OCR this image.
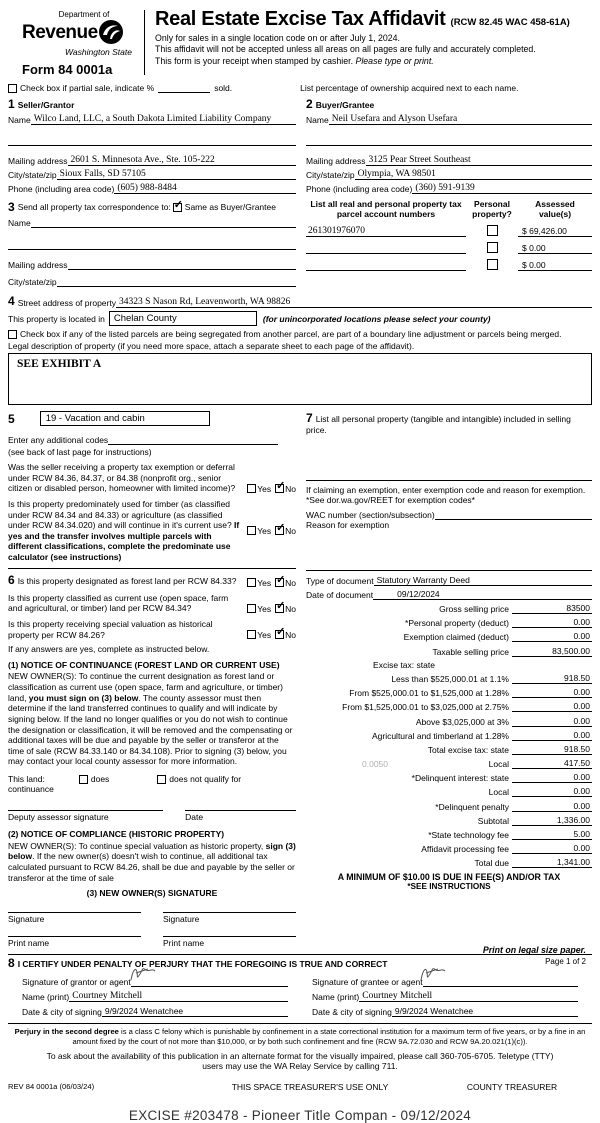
Department of
Revenue
Washington State
Form 84 0001a
Real Estate Excise Tax Affidavit (RCW 82.45 WAC 458-61A)
Only for sales in a single location code on or after July 1, 2024.
This affidavit will not be accepted unless all areas on all pages are fully and accurately completed.
This form is your receipt when stamped by cashier. Please type or print.
Check box if partial sale, indicate %	sold.	List percentage of ownership acquired next to each name.
1 Seller/Grantor
Name Wilco Land, LLC, a South Dakota Limited Liability Company
Mailing address 2601 S. Minnesota Ave., Ste. 105-222
City/state/zip Sioux Falls, SD 57105
Phone (including area code) (605) 988-8484
2 Buyer/Grantee
Name Neil Usefara and Alyson Usefara
Mailing address 3125 Pear Street Southeast
City/state/zip Olympia, WA 98501
Phone (including area code) (360) 591-9139
3 Send all property tax correspondence to: ✓ Same as Buyer/Grantee
Name
Mailing address
City/state/zip
List all real and personal property tax parcel account numbers
Personal property?
Assessed value(s)
261301976070	$ 69,426.00
$ 0.00
$ 0.00
4 Street address of property 34323 S Nason Rd, Leavenworth, WA 98826
This property is located in Chelan County	(for unincorporated locations please select your county)
Check box if any of the listed parcels are being segregated from another parcel, are part of a boundary line adjustment or parcels being merged.
Legal description of property (if you need more space, attach a separate sheet to each page of the affidavit).
SEE EXHIBIT A
5	19 - Vacation and cabin
Enter any additional codes
(see back of last page for instructions)
Was the seller receiving a property tax exemption or deferral under RCW 84.36, 84.37, or 84.38 (nonprofit org., senior citizen or disabled person, homeowner with limited income)?	Yes ✓ No
Is this property predominately used for timber (as classified under RCW 84.34 and 84.33) or agriculture (as classified under RCW 84.34.020) and will continue in it's current use? If yes and the transfer involves multiple parcels with different classifications, complete the predominate use calculator (see instructions)
Yes ✓ No
6 Is this property designated as forest land per RCW 84.33?	Yes ✓ No
Is this property classified as current use (open space, farm and agricultural, or timber) land per RCW 84.34?	Yes ✓ No
Is this property receiving special valuation as historical property per RCW 84.26?	Yes ✓ No
If any answers are yes, complete as instructed below.
(1) NOTICE OF CONTINUANCE (FOREST LAND OR CURRENT USE)
NEW OWNER(S): To continue the current designation as forest land or classification as current use (open space, farm and agriculture, or timber) land, you must sign on (3) below. The county assessor must then determine if the land transferred continues to qualify and will indicate by signing below. If the land no longer qualifies or you do not wish to continue the designation or classification, it will be removed and the compensating or additional taxes will be due and payable by the seller or transferor at the time of sale (RCW 84.33.140 or 84.34.108). Prior to signing (3) below, you may contact your local county assessor for more information.
This land:	does	does not qualify for
continuance
Deputy assessor signature	Date
(2) NOTICE OF COMPLIANCE (HISTORIC PROPERTY)
NEW OWNER(S): To continue special valuation as historic property, sign (3) below. If the new owner(s) doesn't wish to continue, all additional tax calculated pursuant to RCW 84.26, shall be due and payable by the seller or transferor at the time of sale
(3) NEW OWNER(S) SIGNATURE
Signature	Signature
Print name	Print name
7 List all personal property (tangible and intangible) included in selling price.
If claiming an exemption, enter exemption code and reason for exemption. *See dor.wa.gov/REET for exemption codes*
WAC number (section/subsection)
Reason for exemption
Type of document Statutory Warranty Deed
Date of document	09/12/2024
Gross selling price	83500
*Personal property (deduct)	0.00
Exemption claimed (deduct)	0.00
Taxable selling price	83,500.00
Excise tax: state
Less than $525,000.01 at 1.1%	918.50
From $525,000.01 to $1,525,000 at 1.28%	0.00
From $1,525,000.01 to $3,025,000 at 2.75%	0.00
Above $3,025,000 at 3%	0.00
Agricultural and timberland at 1.28%	0.00
Total excise tax: state	918.50
0.0050	Local	417.50
*Delinquent interest: state	0.00
Local	0.00
*Delinquent penalty	0.00
Subtotal	1,336.00
*State technology fee	5.00
Affidavit processing fee	0.00
Total due	1,341.00
A MINIMUM OF $10.00 IS DUE IN FEE(S) AND/OR TAX
*SEE INSTRUCTIONS
8 I CERTIFY UNDER PENALTY OF PERJURY THAT THE FOREGOING IS TRUE AND CORRECT
Signature of grantor or agent
Name (print) Courtney Mitchell
Date & city of signing 9/9/2024 Wenatchee
Signature of grantee or agent
Name (print) Courtney Mitchell
Date & city of signing 9/9/2024 Wenatchee
Perjury in the second degree is a class C felony which is punishable by confinement in a state correctional institution for a maximum term of five years, or by a fine in an amount fixed by the court of not more than $10,000, or by both such confinement and fine (RCW 9A.72.030 and RCW 9A.20.021(1)(c)).
To ask about the availability of this publication in an alternate format for the visually impaired, please call 360-705-6705. Teletype (TTY) users may use the WA Relay Service by calling 711.
REV 84 0001a (06/03/24)	THIS SPACE TREASURER'S USE ONLY	COUNTY TREASURER
EXCISE #203478 - Pioneer Title Compan - 09/12/2024
Print on legal size paper.
Page 1 of 2
